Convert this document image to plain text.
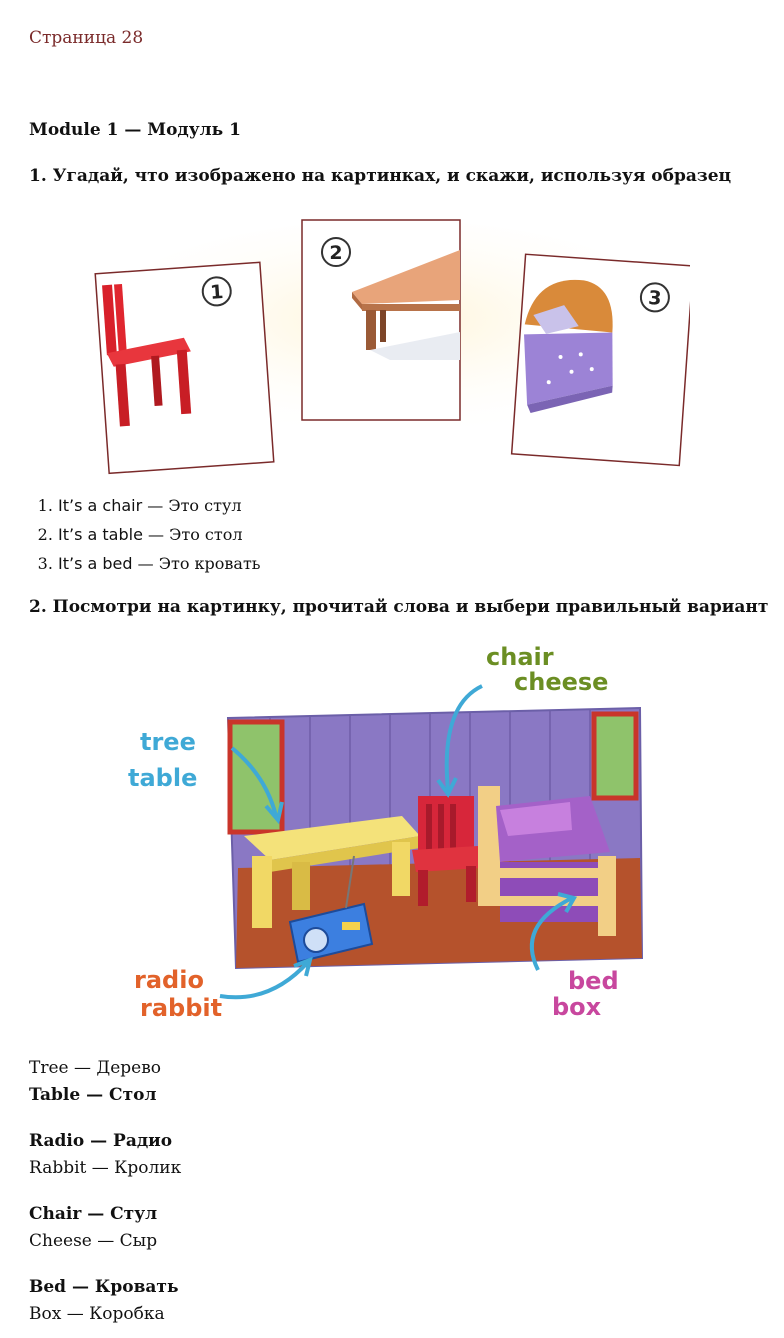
Страница 28
Module 1 — Модуль 1
1. Угадай, что изображено на картинках, и скажи, используя образец
1
2
3
1. It’s a chair — Это стул
2. It’s a table — Это стол
3. It’s a bed — Это кровать
2. Посмотри на картинку, прочитай слова и выбери правильный вариант
tree
table
chair
cheese
radio
rabbit
bed
box
Tree — Дерево
Table — Стол
Radio — Радио
Rabbit — Кролик
Chair — Стул
Cheese — Сыр
Bed — Кровать
Box — Коробка
